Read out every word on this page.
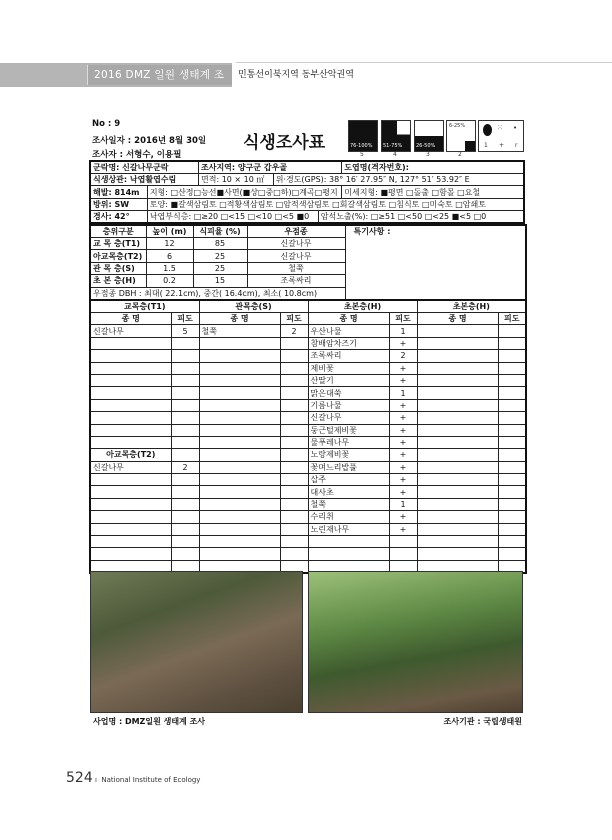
2016 DMZ 일원 생태계 조사
민통선이북지역 동부산악권역
No : 9
조사일자 : 2016년 8월 30일
조사자 : 서형수, 이용필
식생조사표	76-100% 51-75%	26-50%
6-25%	⁙ •
1 + r
5	4	3	2
군락명: 신갈나무군락		조사지역: 양구군 갑우골			도엽명(격자번호):
식생상관: 낙엽활엽수림		면적: 10 × 10 ㎡	위·경도(GPS): 38° 16′ 27.95″ N, 127° 51′ 53.92″ E		
해발: 814m	지형: □산정□능선■사면(■상□중□하)□계곡□평지				미세지형: ■평면 □돌출 □함몰 □요철
방위: SW	토양: ■갈색삼림토 □적황색삼림토 □암적색삼림토 □회갈색삼림토 □침식토 □미숙토 □암쇄토				
경사: 42°	낙엽부식층: □≥20 □<15 □<10 □<5 ■0			암석노출(%): □≥51 □<50 □<25 ■<5 □0	
층위구분	높이 (m)	식피율 (%)	우점종	특기사항 :
교 목 층(T1)	12	85	신갈나무	
아교목층(T2)	6	25	신갈나무	
관 목 층(S)	1.5	25	철쭉	
초 본 층(H)	0.2	15	조록싸리	
우점종 DBH : 최대( 22.1cm), 중간( 16.4cm), 최소( 10.8cm)				
교목층(T1)		관목층(S)		초본층(H)		초본층(H)	
종 명	피도	종 명	피도	종 명	피도	종 명	피도
신갈나무	5	철쭉	2	우산나물	1		
				참배암차즈기	+		
				조록싸리	2		
				제비꽃	+		
				산딸기	+		
				맑은대쑥	1		
				기름나물	+		
				신갈나무	+		
				둥근털제비꽃	+		
				물푸레나무	+		
아교목층(T2)				노랑제비꽃	+		
신갈나무	2			꽃며느리밥풀	+		
				삽주	+		
				대사초	+		
				철쭉	1		
				수리취	+		
				노린재나무	+		

사업명 : DMZ일원 생태계 조사	조사기관 : 국립생태원
524 ı  National Institute of Ecology
